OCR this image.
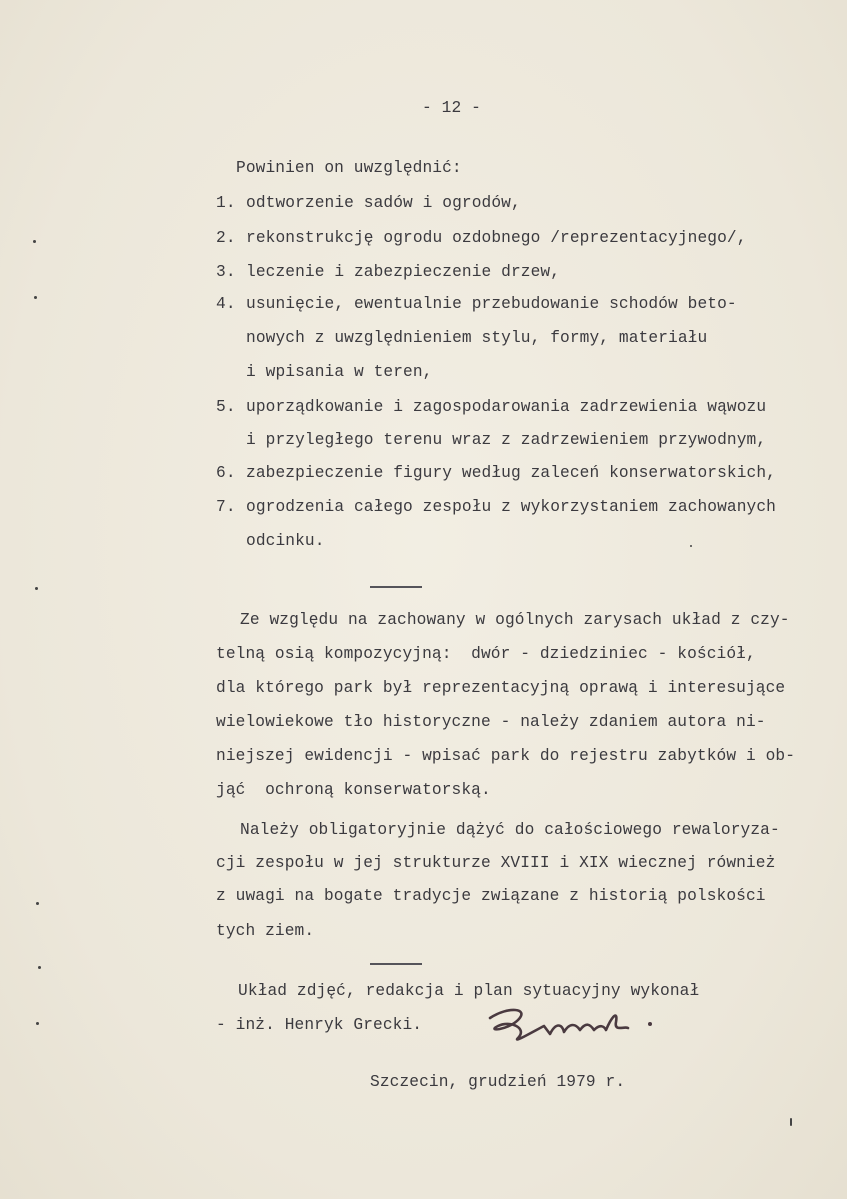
- 12 -
Powinien on uwzględnić:
1. odtworzenie sadów i ogrodów,
2. rekonstrukcję ogrodu ozdobnego /reprezentacyjnego/,
3. leczenie i zabezpieczenie drzew,
4. usunięcie, ewentualnie przebudowanie schodów beto-
nowych z uwzględnieniem stylu, formy, materiału
i wpisania w teren,
5. uporządkowanie i zagospodarowania zadrzewienia wąwozu
i przyległego terenu wraz z zadrzewieniem przywodnym,
6. zabezpieczenie figury według zaleceń konserwatorskich,
7. ogrodzenia całego zespołu z wykorzystaniem zachowanych
odcinku.
Ze względu na zachowany w ogólnych zarysach układ z czy-
telną osią kompozycyjną:  dwór - dziedziniec - kościół,
dla którego park był reprezentacyjną oprawą i interesujące
wielowiekowe tło historyczne - należy zdaniem autora ni-
niejszej ewidencji - wpisać park do rejestru zabytków i ob-
jąć  ochroną konserwatorską.
Należy obligatoryjnie dążyć do całościowego rewaloryza-
cji zespołu w jej strukturze XVIII i XIX wiecznej również
z uwagi na bogate tradycje związane z historią polskości
tych ziem.
Układ zdjęć, redakcja i plan sytuacyjny wykonał
- inż. Henryk Grecki.
Szczecin, grudzień 1979 r.
